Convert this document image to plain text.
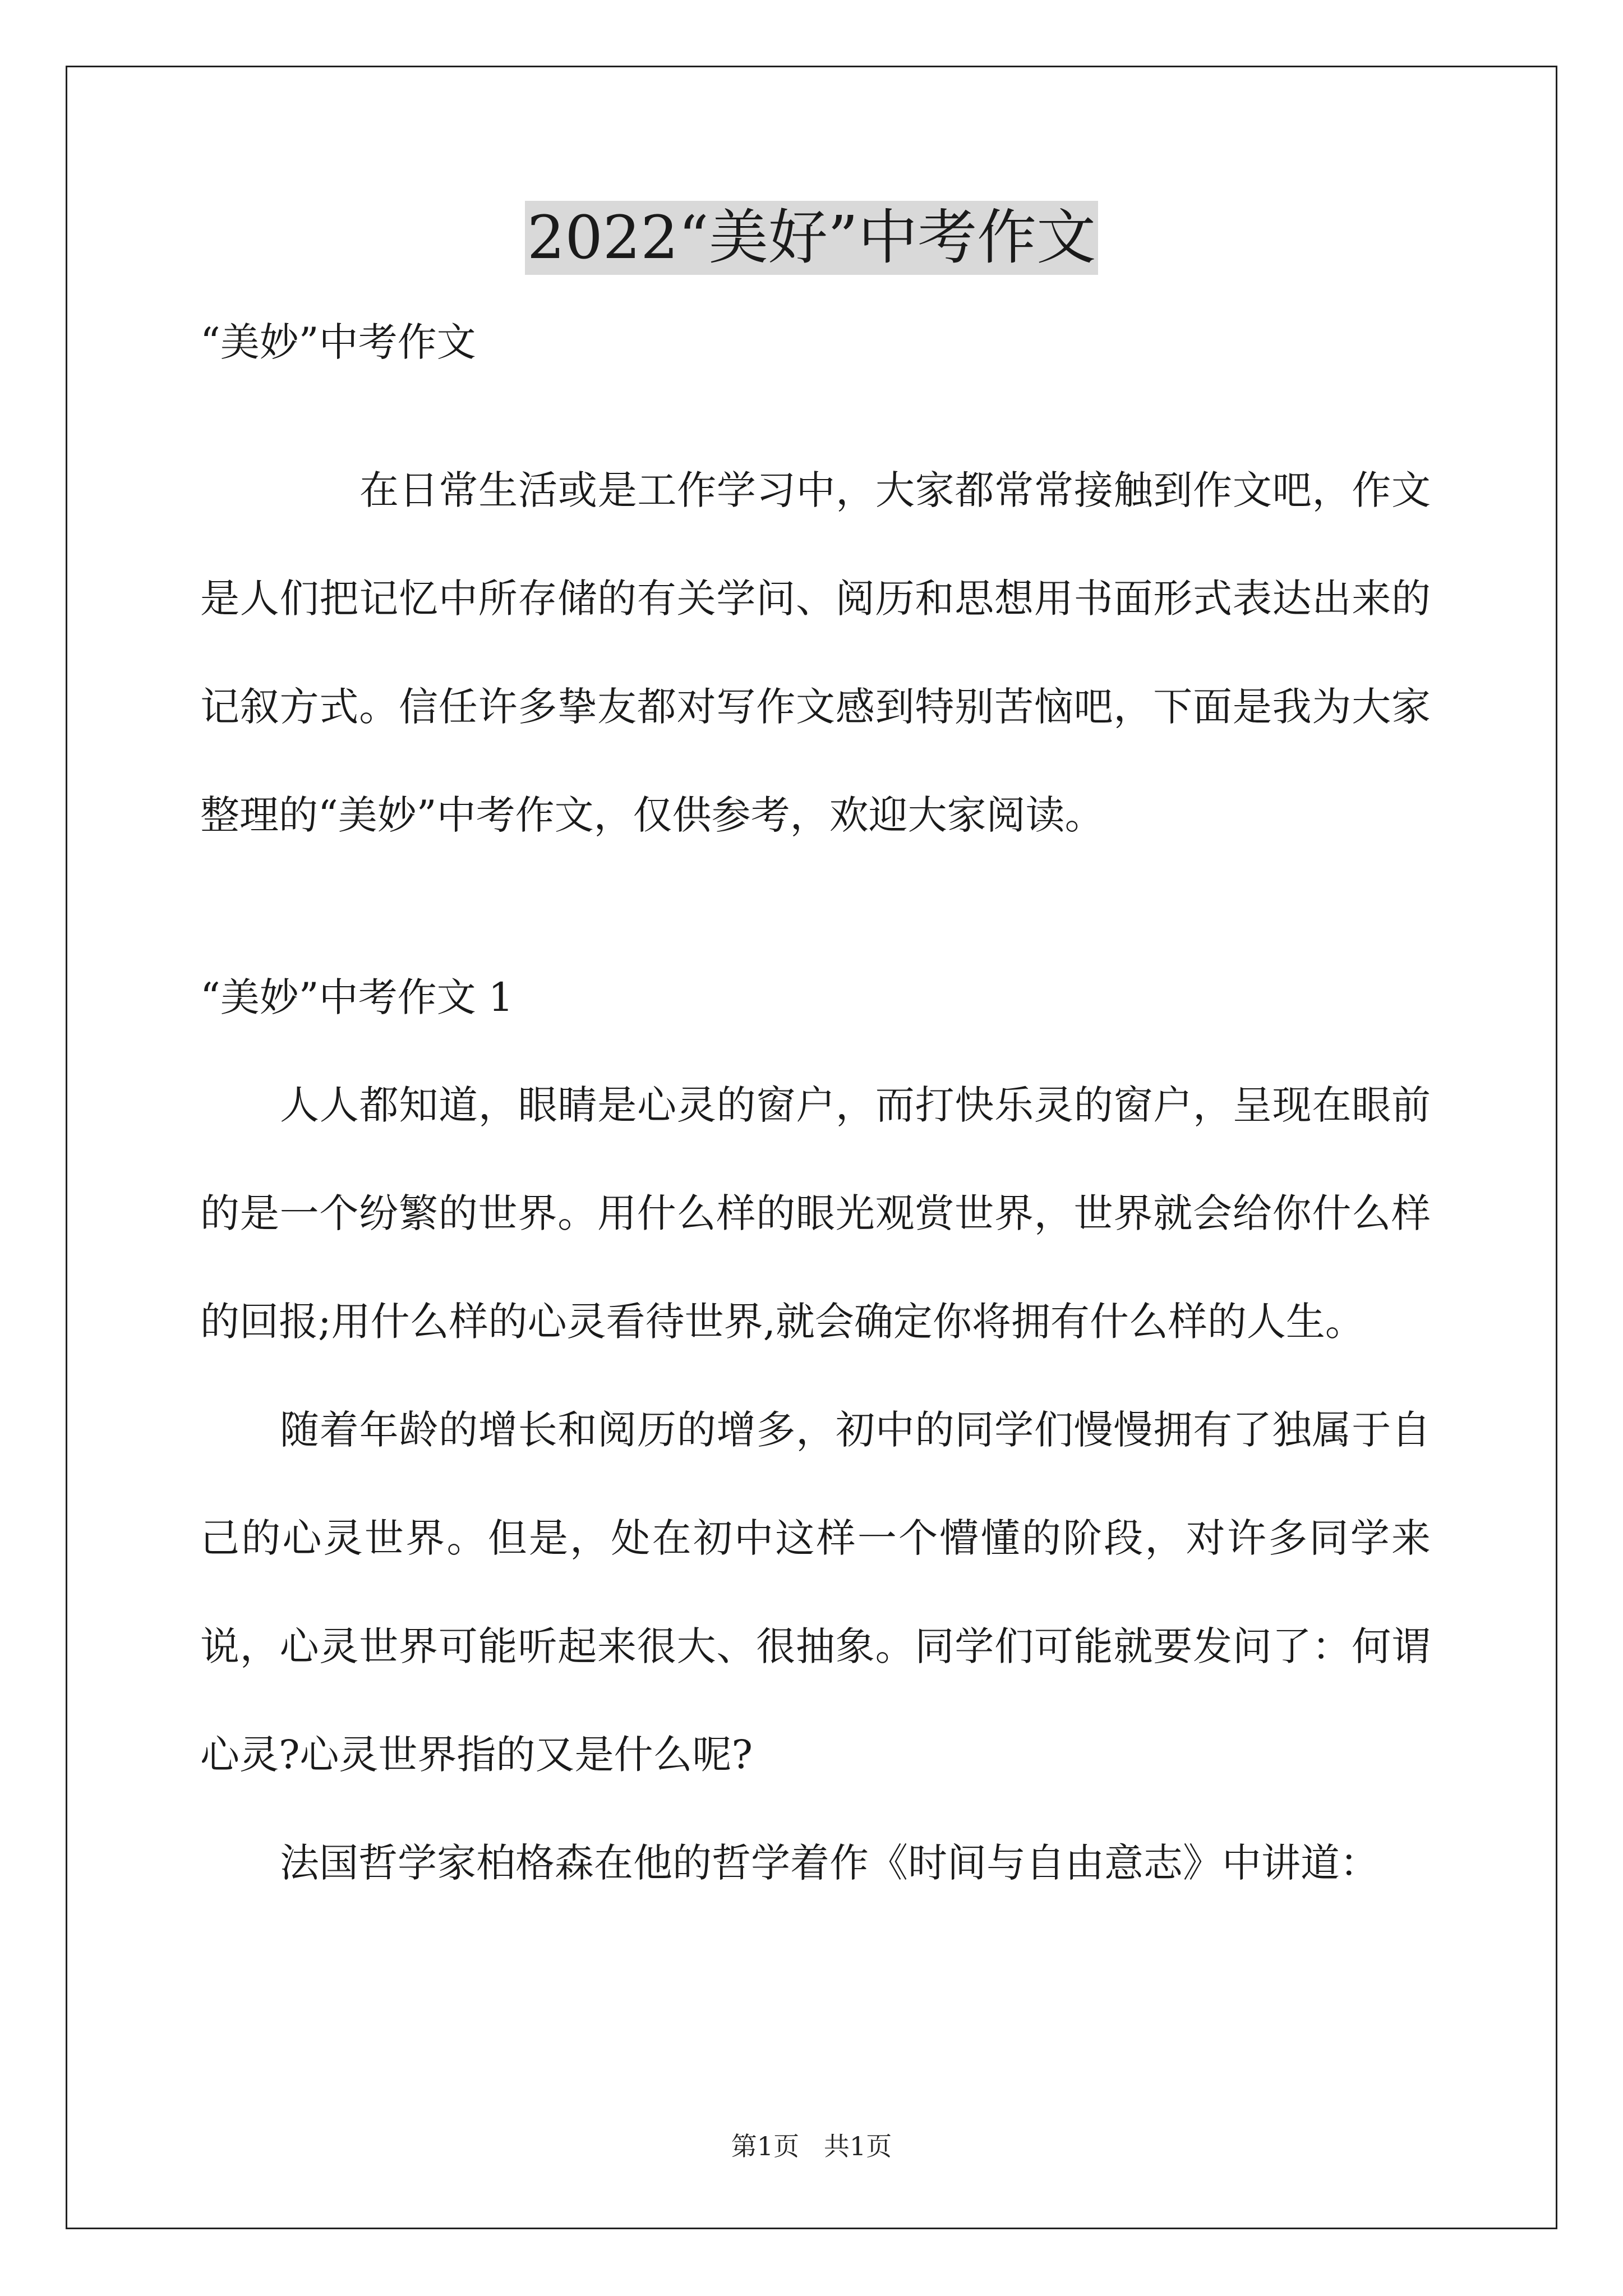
2022“美好”中考作文

“美妙”中考作文

在日常生活或是工作学习中，大家都常常接触到作文吧，作文是人们把记忆中所存储的有关学问、阅历和思想用书面形式表达出来的记叙方式。信任许多挚友都对写作文感到特别苦恼吧，下面是我为大家整理的“美妙”中考作文，仅供参考，欢迎大家阅读。

“美妙”中考作文 1

人人都知道，眼睛是心灵的窗户，而打快乐灵的窗户，呈现在眼前的是一个纷繁的世界。用什么样的眼光观赏世界，世界就会给你什么样的回报;用什么样的心灵看待世界,就会确定你将拥有什么样的人生。

随着年龄的增长和阅历的增多，初中的同学们慢慢拥有了独属于自己的心灵世界。但是，处在初中这样一个懵懂的阶段，对许多同学来说，心灵世界可能听起来很大、很抽象。同学们可能就要发问了：何谓心灵?心灵世界指的又是什么呢?

法国哲学家柏格森在他的哲学着作《时间与自由意志》中讲道：

第1页   共1页
